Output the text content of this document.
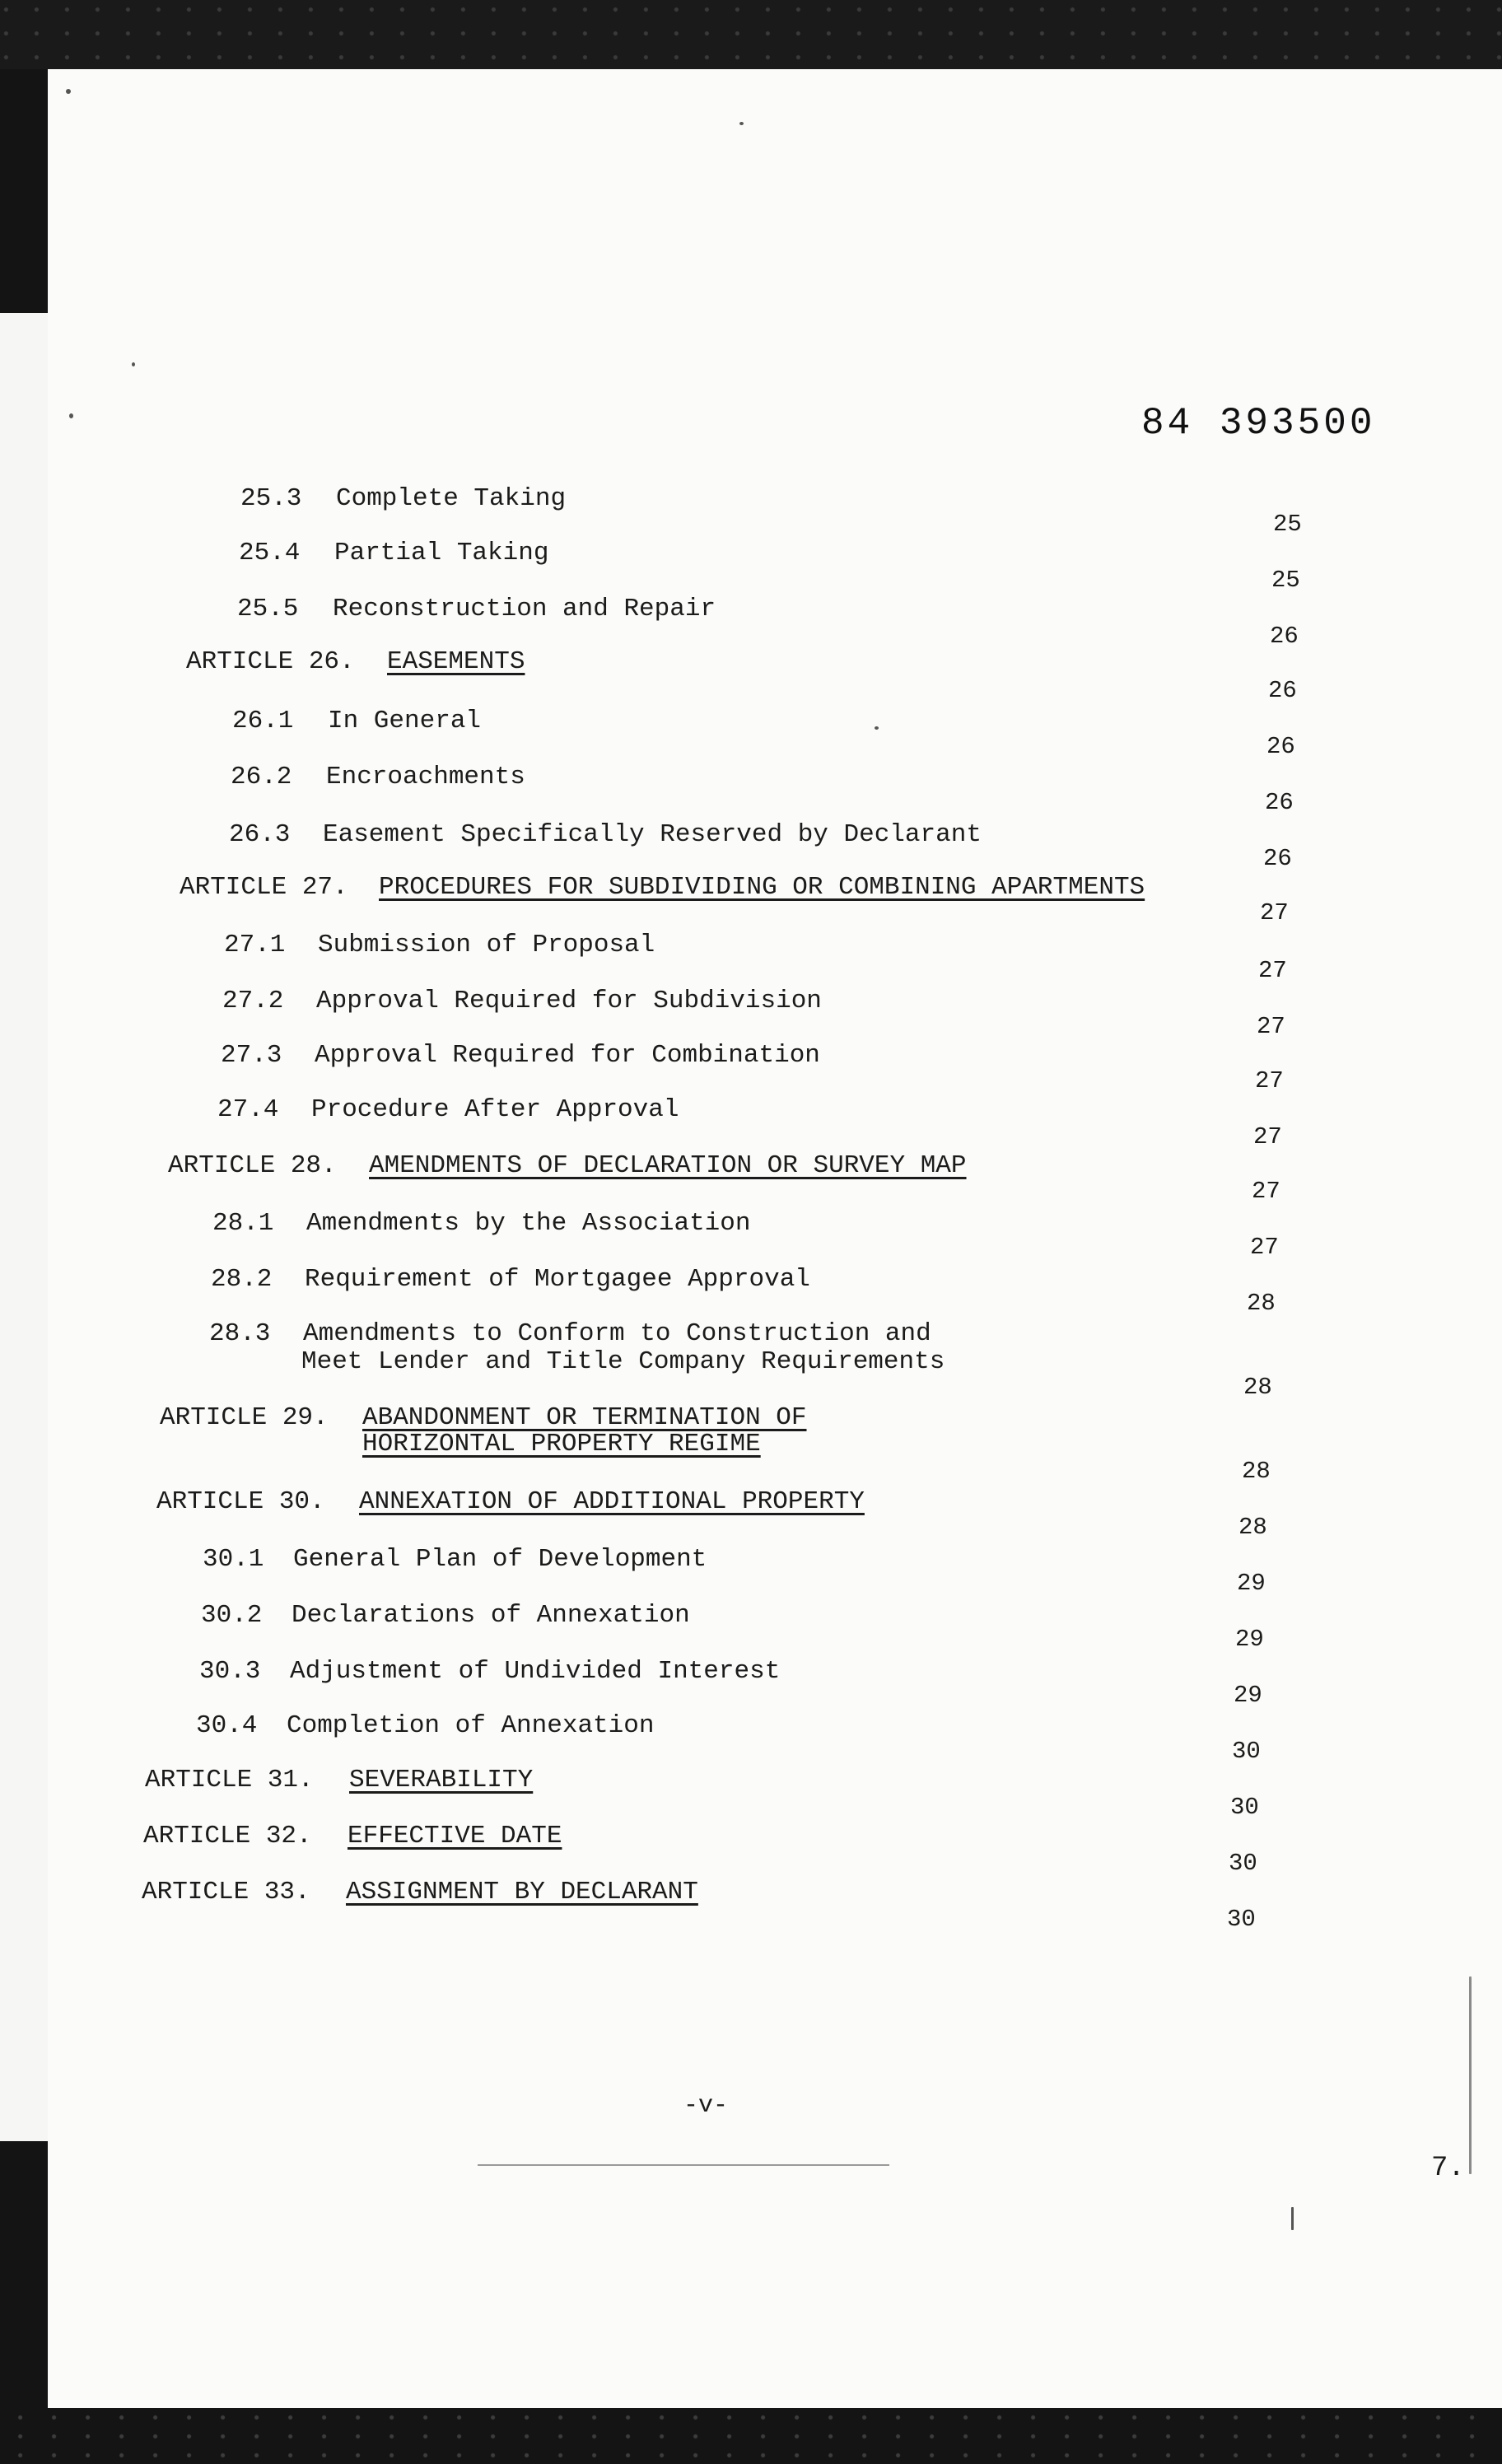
84 393500
25.3 Complete Taking
25
25.4 Partial Taking
25
25.5 Reconstruction and Repair
26
ARTICLE 26. EASEMENTS
26
26.1 In General
26
26.2 Encroachments
26
26.3 Easement Specifically Reserved by Declarant
26
ARTICLE 27. PROCEDURES FOR SUBDIVIDING OR COMBINING APARTMENTS
27
27.1 Submission of Proposal
27
27.2 Approval Required for Subdivision
27
27.3 Approval Required for Combination
27
27.4 Procedure After Approval
27
ARTICLE 28. AMENDMENTS OF DECLARATION OR SURVEY MAP
27
28.1 Amendments by the Association
27
28.2 Requirement of Mortgagee Approval
28
28.3 Amendments to Conform to Construction and
Meet Lender and Title Company Requirements
28
ARTICLE 29. ABANDONMENT OR TERMINATION OF
HORIZONTAL PROPERTY REGIME
28
ARTICLE 30. ANNEXATION OF ADDITIONAL PROPERTY
28
30.1 General Plan of Development
29
30.2 Declarations of Annexation
29
30.3 Adjustment of Undivided Interest
29
30.4 Completion of Annexation
30
ARTICLE 31. SEVERABILITY
30
ARTICLE 32. EFFECTIVE DATE
30
ARTICLE 33. ASSIGNMENT BY DECLARANT
30
-v-
7.
